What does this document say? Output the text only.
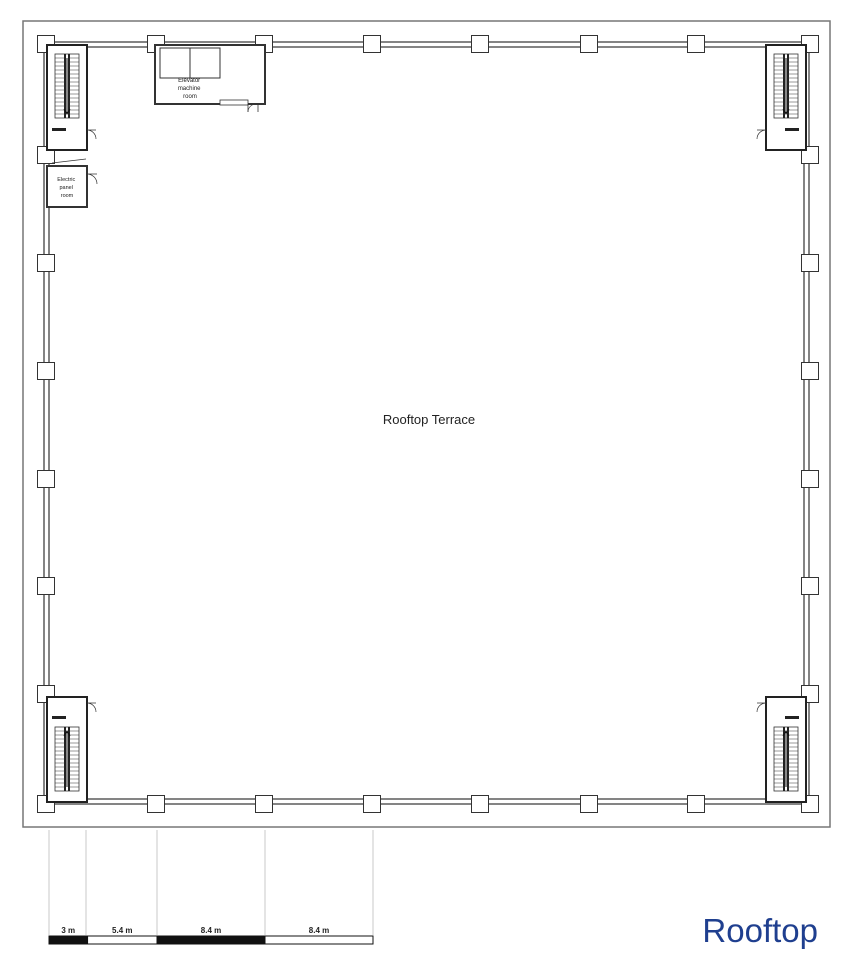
Elevator machine room
Electric panel room
Rooftop Terrace
3 m	5.4 m	8.4 m	8.4 m	Rooftop
